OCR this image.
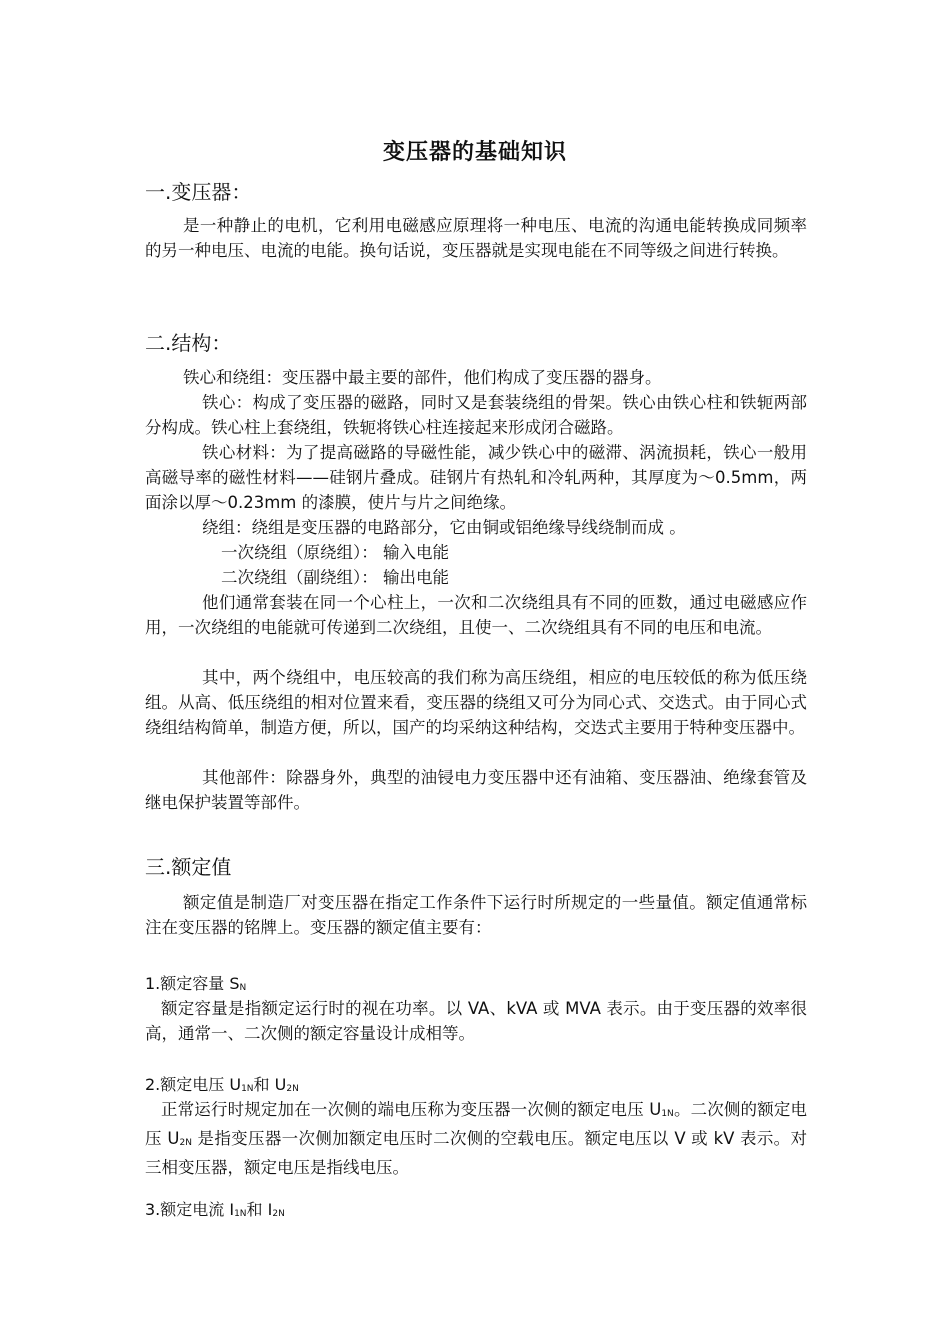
变压器的基础知识
一.变压器：
是一种静止的电机，它利用电磁感应原理将一种电压、电流的沟通电能转换成同频率的另一种电压、电流的电能。换句话说，变压器就是实现电能在不同等级之间进行转换。
二.结构：
铁心和绕组：变压器中最主要的部件，他们构成了变压器的器身。
铁心：构成了变压器的磁路，同时又是套装绕组的骨架。铁心由铁心柱和铁轭两部分构成。铁心柱上套绕组，铁轭将铁心柱连接起来形成闭合磁路。
铁心材料：为了提高磁路的导磁性能，减少铁心中的磁滞、涡流损耗，铁心一般用高磁导率的磁性材料——硅钢片叠成。硅钢片有热轧和冷轧两种，其厚度为～0.5mm，两面涂以厚～0.23mm 的漆膜，使片与片之间绝缘。
绕组：绕组是变压器的电路部分，它由铜或铝绝缘导线绕制而成 。
一次绕组（原绕组）： 输入电能
二次绕组（副绕组）： 输出电能
他们通常套装在同一个心柱上，一次和二次绕组具有不同的匝数，通过电磁感应作用，一次绕组的电能就可传递到二次绕组，且使一、二次绕组具有不同的电压和电流。
其中，两个绕组中，电压较高的我们称为高压绕组，相应的电压较低的称为低压绕组。从高、低压绕组的相对位置来看，变压器的绕组又可分为同心式、交迭式。由于同心式绕组结构简单，制造方便，所以，国产的均采纳这种结构，交迭式主要用于特种变压器中。
其他部件：除器身外，典型的油锓电力变压器中还有油箱、变压器油、绝缘套管及继电保护装置等部件。
三.额定值
额定值是制造厂对变压器在指定工作条件下运行时所规定的一些量值。额定值通常标注在变压器的铭牌上。变压器的额定值主要有：
1.额定容量 $S_N$
额定容量是指额定运行时的视在功率。以 VA、kVA 或 MVA 表示。由于变压器的效率很高，通常一、二次侧的额定容量设计成相等。
2.额定电压 $U_{1N}$和 $U_{2N}$
正常运行时规定加在一次侧的端电压称为变压器一次侧的额定电压 $U_{1N}$。二次侧的额定电压 $U_{2N}$ 是指变压器一次侧加额定电压时二次侧的空载电压。额定电压以 V 或 kV 表示。对三相变压器，额定电压是指线电压。
3.额定电流 $I_{1N}$和 $I_{2N}$
